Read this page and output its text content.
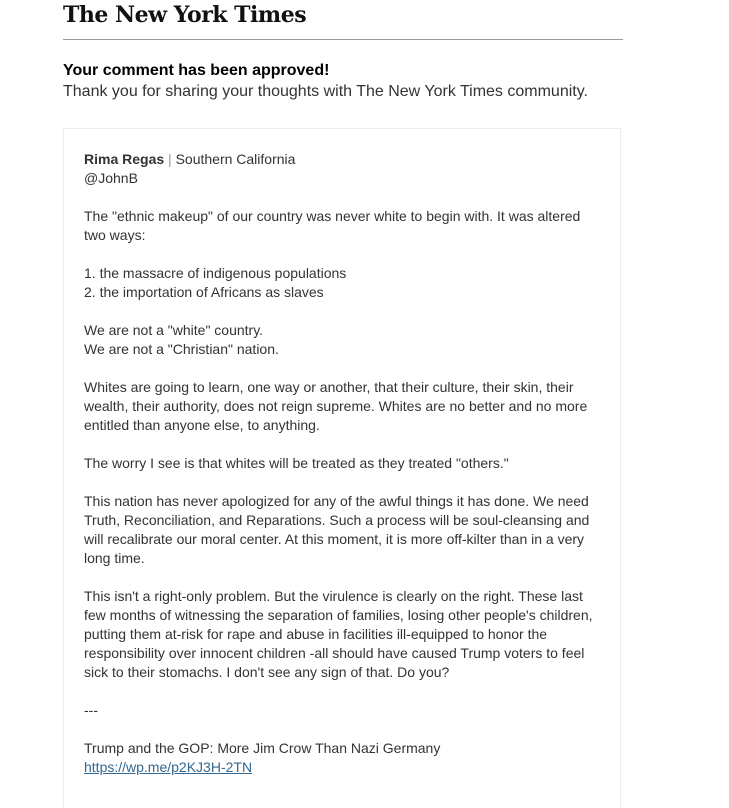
The New York Times
Your comment has been approved!
Thank you for sharing your thoughts with The New York Times community.
Rima Regas | Southern California

@JohnB

The "ethnic makeup" of our country was never white to begin with. It was altered two ways:

1. the massacre of indigenous populations

2. the importation of Africans as slaves

We are not a "white" country.

We are not a "Christian" nation.

Whites are going to learn, one way or another, that their culture, their skin, their wealth, their authority, does not reign supreme. Whites are no better and no more entitled than anyone else, to anything.

The worry I see is that whites will be treated as they treated "others."

This nation has never apologized for any of the awful things it has done. We need Truth, Reconciliation, and Reparations. Such a process will be soul-cleansing and will recalibrate our moral center. At this moment, it is more off-kilter than in a very long time.

This isn't a right-only problem. But the virulence is clearly on the right. These last few months of witnessing the separation of families, losing other people's children, putting them at-risk for rape and abuse in facilities ill-equipped to honor the responsibility over innocent children -all should have caused Trump voters to feel sick to their stomachs. I don't see any sign of that. Do you?

---

Trump and the GOP: More Jim Crow Than Nazi Germany

https://wp.me/p2KJ3H-2TN
